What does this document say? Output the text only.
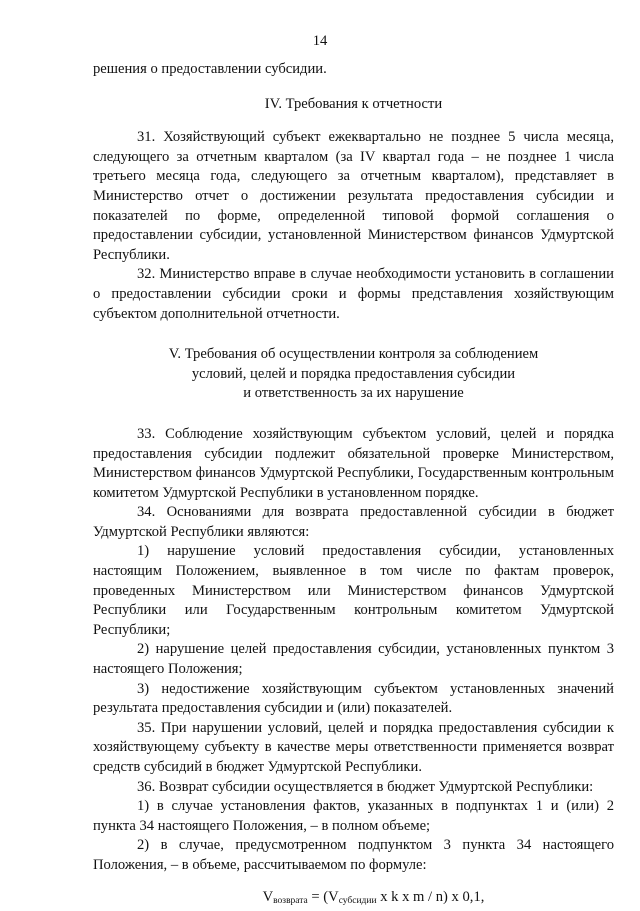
14

решения о предоставлении субсидии.

IV. Требования к отчетности

31. Хозяйствующий субъект ежеквартально не позднее 5 числа месяца, следующего за отчетным кварталом (за IV квартал года – не позднее 1 числа третьего месяца года, следующего за отчетным кварталом), представляет в Министерство отчет о достижении результата предоставления субсидии и показателей по форме, определенной типовой формой соглашения о предоставлении субсидии, установленной Министерством финансов Удмуртской Республики.

32. Министерство вправе в случае необходимости установить в соглашении о предоставлении субсидии сроки и формы представления хозяйствующим субъектом дополнительной отчетности.

V. Требования об осуществлении контроля за соблюдением

условий, целей и порядка предоставления субсидии

и ответственность за их нарушение

33. Соблюдение хозяйствующим субъектом условий, целей и порядка предоставления субсидии подлежит обязательной проверке Министерством, Министерством финансов Удмуртской Республики, Государственным контрольным комитетом Удмуртской Республики в установленном порядке.

34. Основаниями для возврата предоставленной субсидии в бюджет Удмуртской Республики являются:

1) нарушение условий предоставления субсидии, установленных настоящим Положением, выявленное в том числе по фактам проверок, проведенных Министерством или Министерством финансов Удмуртской Республики или Государственным контрольным комитетом Удмуртской Республики;

2) нарушение целей предоставления субсидии, установленных пунктом 3 настоящего Положения;

3) недостижение хозяйствующим субъектом установленных значений результата предоставления субсидии и (или) показателей.

35. При нарушении условий, целей и порядка предоставления субсидии к хозяйствующему субъекту в качестве меры ответственности применяется возврат средств субсидий в бюджет Удмуртской Республики.

36. Возврат субсидии осуществляется в бюджет Удмуртской Республики:

1) в случае установления фактов, указанных в подпунктах 1 и (или) 2 пункта 34 настоящего Положения, – в полном объеме;

2) в случае, предусмотренном подпунктом 3 пункта 34 настоящего Положения, – в объеме, рассчитываемом по формуле:

$V_{возврата} = (V_{субсидии}$ x k x m / n) x 0,1,
